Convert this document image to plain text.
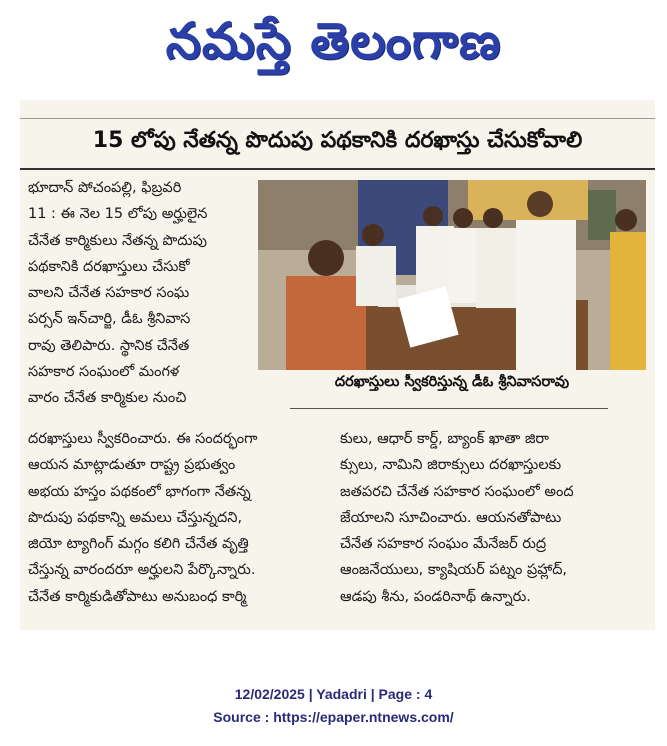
నమస్తే తెలంగాణ
15 లోపు నేతన్న పొదుపు పథకానికి దరఖాస్తు చేసుకోవాలి

భూదాన్ పోచంపల్లి, ఫిబ్రవరి

11 : ఈ నెల 15 లోపు అర్హులైన

చేనేత కార్మికులు నేతన్న పొదుపు

పథకానికి దరఖాస్తులు చేసుకో

వాలని చేనేత సహకార సంఘ

పర్సన్ ఇన్‌చార్జి, డీఓ శ్రీనివాస

రావు తెలిపారు. స్థానిక చేనేత

సహకార సంఘంలో మంగళ

వారం చేనేత కార్మికుల నుంచి

దరఖాస్తులు స్వీకరిస్తున్న డీఓ శ్రీనివాసరావు

దరఖాస్తులు స్వీకరించారు. ఈ సందర్భంగా

ఆయన మాట్లాడుతూ రాష్ట్ర ప్రభుత్వం

అభయ హస్తం పథకంలో భాగంగా నేతన్న

పొదుపు పథకాన్ని అమలు చేస్తున్నదని,

జియో ట్యాగింగ్ మగ్గం కలిగి చేనేత వృత్తి

చేస్తున్న వారందరూ అర్హులని పేర్కొన్నారు.

చేనేత కార్మికుడితోపాటు అనుబంధ కార్మి

కులు, ఆధార్ కార్డ్, బ్యాంక్ ఖాతా జిరా

క్సులు, నామిని జిరాక్సులు దరఖాస్తులకు

జతపరచి చేనేత సహకార సంఘంలో అంద

జేయాలని సూచించారు. ఆయనతోపాటు

చేనేత సహకార సంఘం మేనేజర్ రుద్ర

ఆంజనేయులు, క్యాషియర్ పట్నం ప్రహ్లాద్,

ఆడపు శీను, పండరినాథ్ ఉన్నారు.

12/02/2025 | Yadadri | Page : 4
Source : https://epaper.ntnews.com/
